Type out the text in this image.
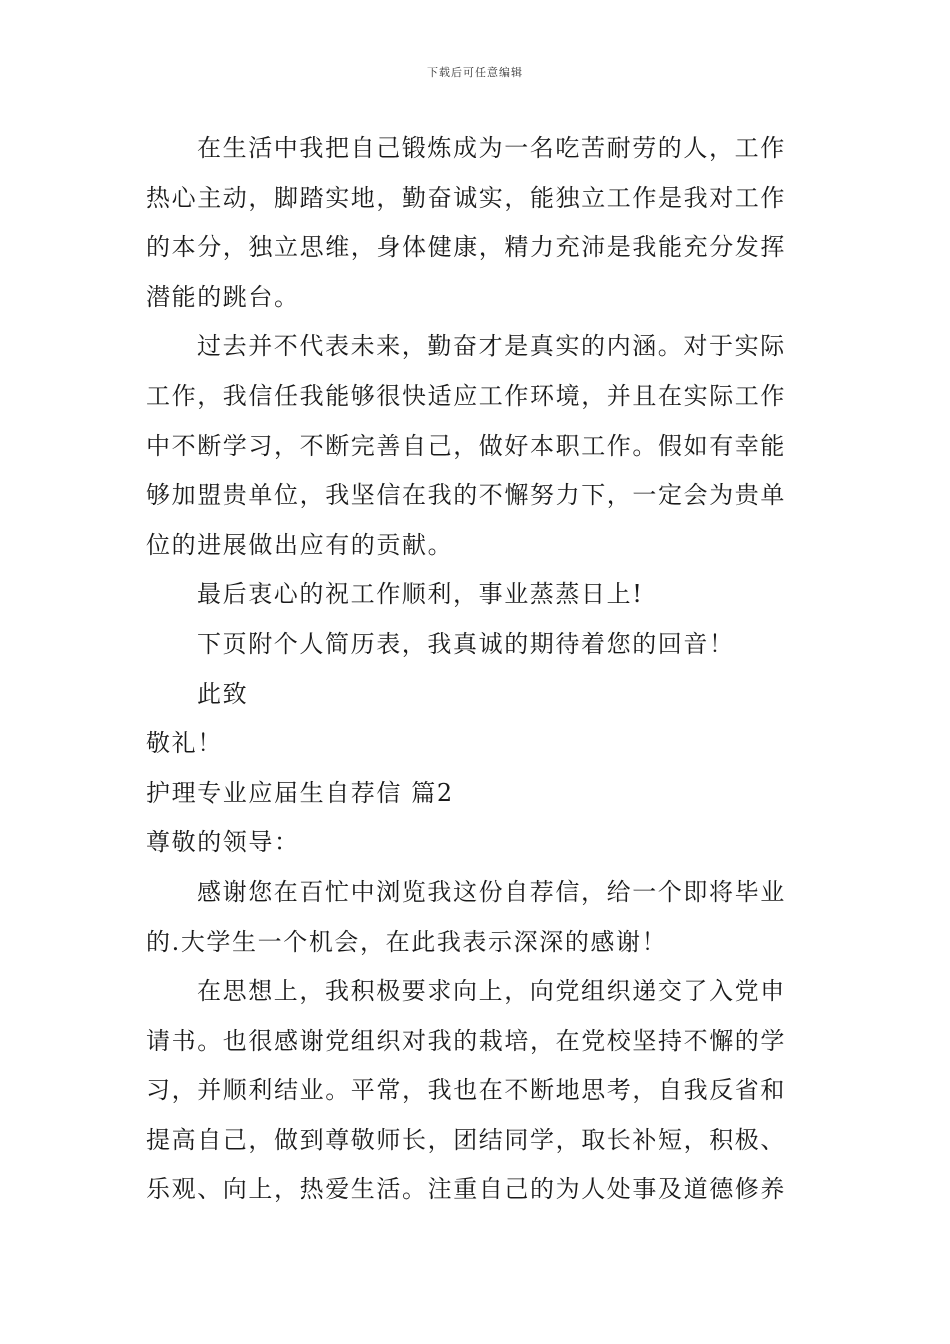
下载后可任意编辑
在生活中我把自己锻炼成为一名吃苦耐劳的人，工作
热心主动，脚踏实地，勤奋诚实，能独立工作是我对工作
的本分，独立思维，身体健康，精力充沛是我能充分发挥
潜能的跳台。
过去并不代表未来，勤奋才是真实的内涵。对于实际
工作，我信任我能够很快适应工作环境，并且在实际工作
中不断学习，不断完善自己，做好本职工作。假如有幸能
够加盟贵单位，我坚信在我的不懈努力下，一定会为贵单
位的进展做出应有的贡献。
最后衷心的祝工作顺利，事业蒸蒸日上!
下页附个人简历表，我真诚的期待着您的回音！
此致
敬礼！
护理专业应届生自荐信 篇2
尊敬的领导：
感谢您在百忙中浏览我这份自荐信，给一个即将毕业
的.大学生一个机会，在此我表示深深的感谢！
在思想上，我积极要求向上，向党组织递交了入党申
请书。也很感谢党组织对我的栽培，在党校坚持不懈的学
习，并顺利结业。平常，我也在不断地思考，自我反省和
提高自己，做到尊敬师长，团结同学，取长补短，积极、
乐观、向上，热爱生活。注重自己的为人处事及道德修养
